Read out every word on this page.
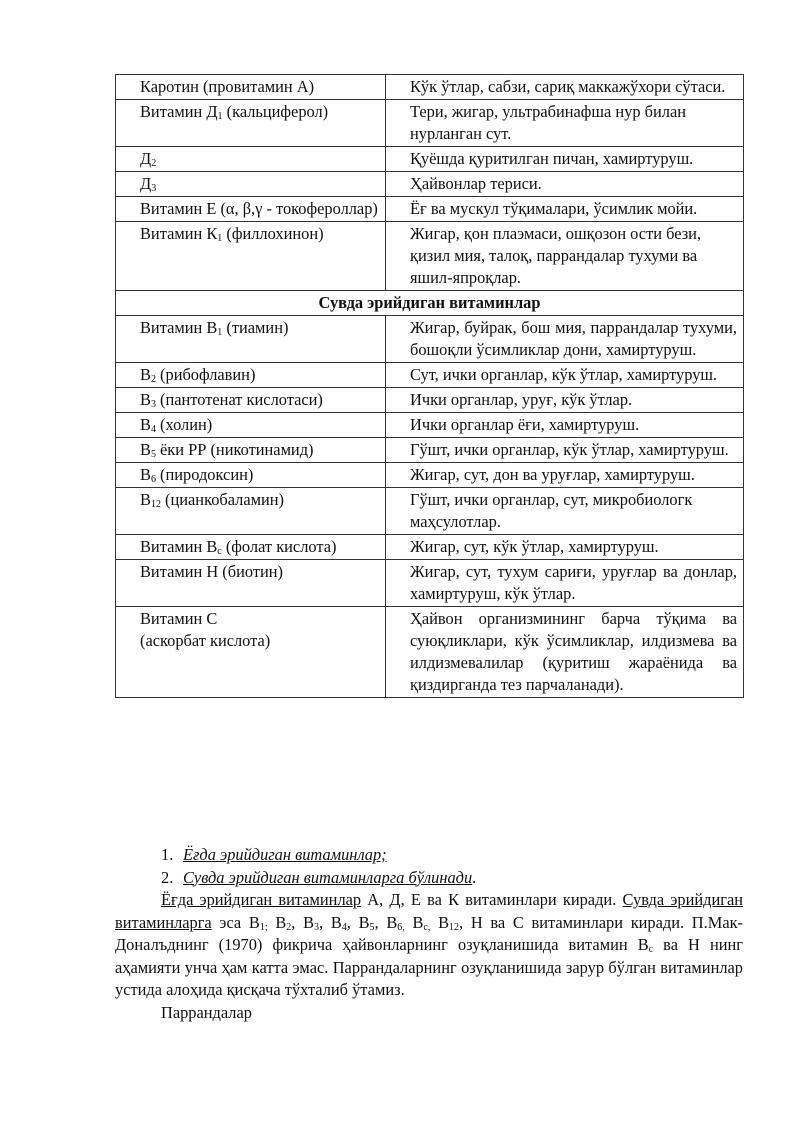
Каротин (провитамин А)	Кўк ўтлар, сабзи, сариқ маккажўхори сўтаси.
Витамин $Д_1$ (кальциферол)	Тери, жигар, ультрабинафша нур билан нурланган сут.
$Д_2$	Қуёшда қуритилган пичан, хамиртуруш.
$Д_3$	Ҳайвонлар териси.
Витамин Е (α, β,γ - токофероллар)	Ёғ ва мускул тўқималари, ўсимлик мойи.
Витамин $К_1$ (филлохинон)	Жигар, қон плаэмаси, ошқозон ости бези, қизил мия, талоқ, паррандалар тухуми ва яшил-япроқлар.
Сувда эрийдиган витаминлар	
Витамин $В_1$ (тиамин)	Жигар, буйрак, бош мия, паррандалар тухуми, бошоқли ўсимликлар дони, хамиртуруш.
$В_2$ (рибофлавин)	Сут, ички органлар, кўк ўтлар, хамиртуруш.
$В_3$ (пантотенат кислотаси)	Ички органлар, уруғ, кўк ўтлар.
$В_4$ (холин)	Ички органлар ёғи, хамиртуруш.
$В_5$ ёки РР (никотинамид)	Гўшт, ички органлар, кўк ўтлар, хамиртуруш.
$В_6$ (пиродоксин)	Жигар, сут, дон ва уруғлар, хамиртуруш.
$В_{12}$ (цианкобаламин)	Гўшт, ички органлар, сут, микробиологк маҳсулотлар.
Витамин $В_с$ (фолат кислота)	Жигар, сут, кўк ўтлар, хамиртуруш.
Витамин Н (биотин)	Жигар, сут, тухум сариғи, уруғлар ва донлар, хамиртуруш, кўк ўтлар.
Витамин С
(аскорбат кислота)	Ҳайвон организмининг барча тўқима ва суюқликлари, кўк ўсимликлар, илдизмева ва илдизмевалилар (қуритиш жараёнида ва қиздирганда тез парчаланади).
1. Ёғда эрийдиган витаминлар;
2. Сувда эрийдиган витаминларга бўлинади.

Ёғда эрийдиган витаминлар А, Д, Е ва К витаминлари киради. Сувда эрийдиган витаминларга эса $В_{1;}$ $В_2$, $В_3$, $В_4$, $В_5$, $В_{6,}$ $В_{с,}$ $В_{12}$, Н ва С витаминлари киради. П.Мак-Доналъднинг (1970) фикрича ҳайвонларнинг озуқланишида витамин $В_с$ ва Н нинг аҳамияти унча ҳам катта эмас. Паррандаларнинг озуқланишида зарур бўлган витаминлар устида алоҳида қисқача тўхталиб ўтамиз.

Паррандалар
